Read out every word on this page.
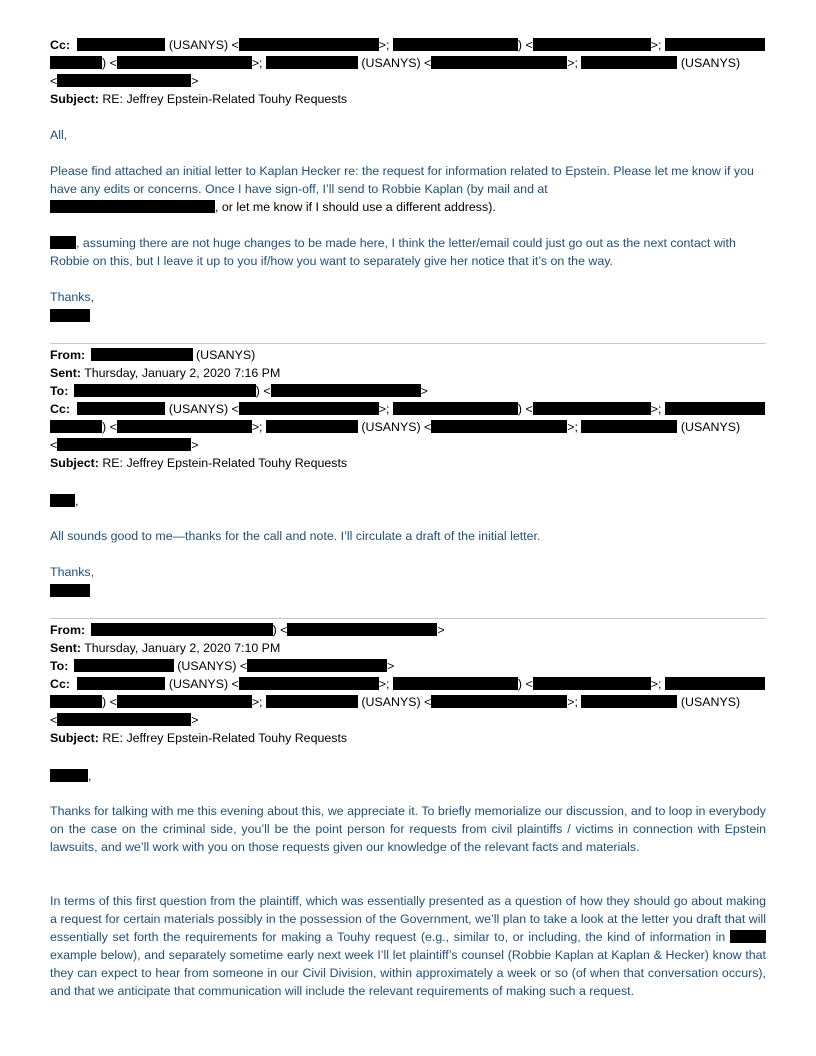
Cc:	(USANYS) <	>;	) <	>;
) <	>;	(USANYS) <	>;	(USANYS)
<	>
Subject: RE: Jeffrey Epstein-Related Touhy Requests
All,
Please find attached an initial letter to Kaplan Hecker re: the request for information related to Epstein. Please let me know if you have any edits or concerns. Once I have sign-off, I’ll send to Robbie Kaplan (by mail and at
, or let me know if I should use a different address).
, assuming there are not huge changes to be made here, I think the letter/email could just go out as the next contact with Robbie on this, but I leave it up to you if/how you want to separately give her notice that it’s on the way.
Thanks,
From:	(USANYS)
Sent: Thursday, January 2, 2020 7:16 PM
To:	) <	>
Cc:	(USANYS) <	>;	) <	>;
) <	>;	(USANYS) <	>;	(USANYS)
<	>
Subject: RE: Jeffrey Epstein-Related Touhy Requests
,
All sounds good to me—thanks for the call and note. I’ll circulate a draft of the initial letter.
Thanks,
From:	) <	>
Sent: Thursday, January 2, 2020 7:10 PM
To:	(USANYS) <	>
Cc:	(USANYS) <	>;	) <	>;
) <	>;	(USANYS) <	>;	(USANYS)
<	>
Subject: RE: Jeffrey Epstein-Related Touhy Requests
,
Thanks for talking with me this evening about this, we appreciate it. To briefly memorialize our discussion, and to loop in everybody on the case on the criminal side, you’ll be the point person for requests from civil plaintiffs / victims in connection with Epstein lawsuits, and we’ll work with you on those requests given our knowledge of the relevant facts and materials.
In terms of this first question from the plaintiff, which was essentially presented as a question of how they should go about making a request for certain materials possibly in the possession of the Government, we’ll plan to take a look at the letter you draft that will essentially set forth the requirements for making a Touhy request (e.g., similar to, or including, the kind of information in  example below), and separately sometime early next week I’ll let plaintiff’s counsel (Robbie Kaplan at Kaplan & Hecker) know that they can expect to hear from someone in our Civil Division, within approximately a week or so (of when that conversation occurs), and that we anticipate that communication will include the relevant requirements of making such a request.
